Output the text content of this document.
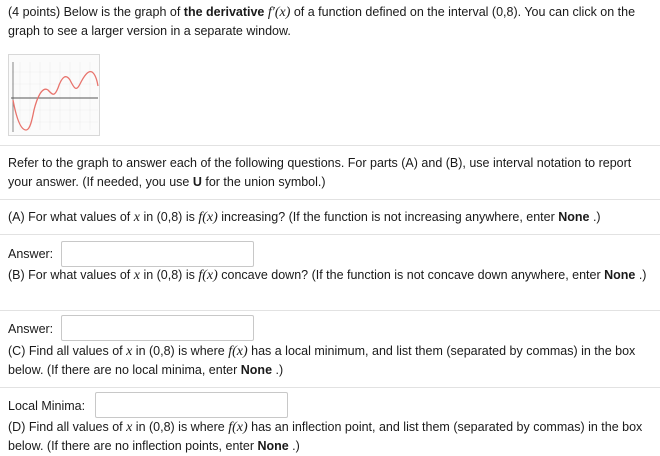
(4 points) Below is the graph of the derivative f′(x) of a function defined on the interval (0,8). You can click on the graph to see a larger version in a separate window.
Refer to the graph to answer each of the following questions. For parts (A) and (B), use interval notation to report your answer. (If needed, you use U for the union symbol.)
(A) For what values of x in (0,8) is f(x) increasing? (If the function is not increasing anywhere, enter None .)
Answer:
(B) For what values of x in (0,8) is f(x) concave down? (If the function is not concave down anywhere, enter None .)
Answer:
(C) Find all values of x in (0,8) is where f(x) has a local minimum, and list them (separated by commas) in the box below. (If there are no local minima, enter None .)
Local Minima:
(D) Find all values of x in (0,8) is where f(x) has an inflection point, and list them (separated by commas) in the box below. (If there are no inflection points, enter None .)
